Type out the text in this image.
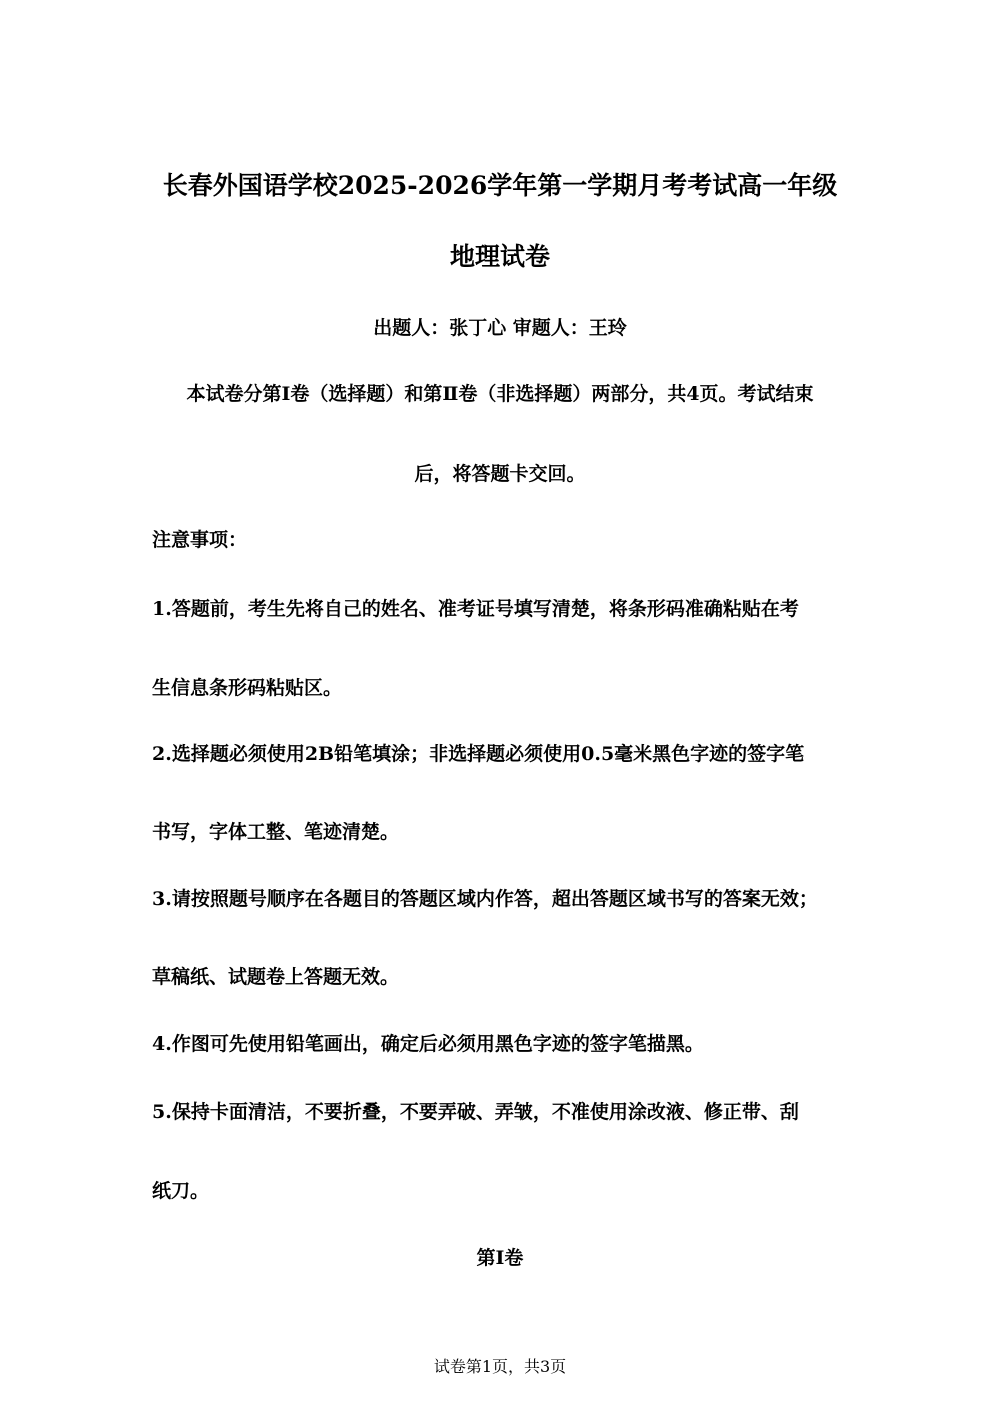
长春外国语学校2025-2026学年第一学期月考考试高一年级
地理试卷
出题人：张丁心 审题人：王玲
本试卷分第Ⅰ卷（选择题）和第Ⅱ卷（非选择题）两部分，共4页。考试结束
后，将答题卡交回。
注意事项：
1.答题前，考生先将自己的姓名、准考证号填写清楚，将条形码准确粘贴在考
生信息条形码粘贴区。
2.选择题必须使用2B铅笔填涂；非选择题必须使用0.5毫米黑色字迹的签字笔
书写，字体工整、笔迹清楚。
3.请按照题号顺序在各题目的答题区域内作答，超出答题区域书写的答案无效；
草稿纸、试题卷上答题无效。
4.作图可先使用铅笔画出，确定后必须用黑色字迹的签字笔描黑。
5.保持卡面清洁，不要折叠，不要弄破、弄皱，不准使用涂改液、修正带、刮
纸刀。
第Ⅰ卷
试卷第1页，共3页
